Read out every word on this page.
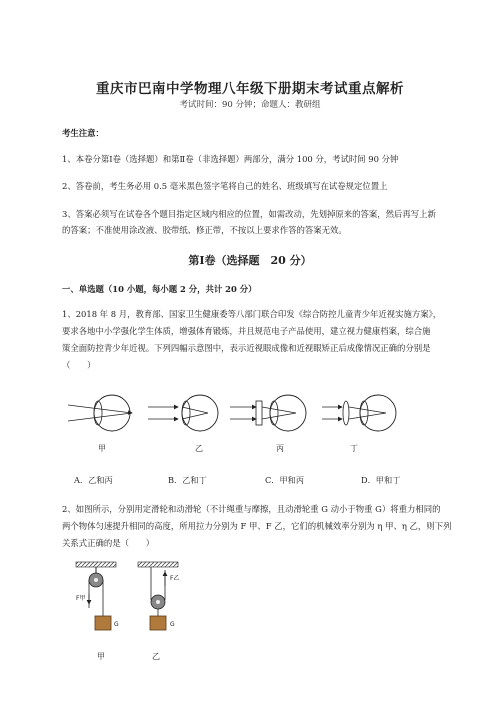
重庆市巴南中学物理八年级下册期末考试重点解析
考试时间：90 分钟；命题人：教研组
考生注意：
1、本卷分第Ⅰ卷（选择题）和第Ⅱ卷（非选择题）两部分，满分 100 分，考试时间 90 分钟
2、答卷前，考生务必用 0.5 毫米黑色签字笔将自己的姓名、班级填写在试卷规定位置上
3、答案必须写在试卷各个题目指定区域内相应的位置，如需改动，先划掉原来的答案，然后再写上新
的答案；不准使用涂改液、胶带纸、修正带，不按以上要求作答的答案无效。
第Ⅰ卷（选择题　20 分）
一、单选题（10 小题，每小题 2 分，共计 20 分）
1、2018 年 8 月，教育部、国家卫生健康委等八部门联合印发《综合防控儿童青少年近视实施方案》，
要求各地中小学强化学生体质，增强体育锻炼，并且规范电子产品使用，建立视力健康档案，综合施
策全面防控青少年近视。下列四幅示意图中，表示近视眼成像和近视眼矫正后成像情况正确的分别是
（　　）
甲	乙	丙	丁
A．乙和丙	B．乙和丁	C．甲和丙	D．甲和丁
2、如图所示，分别用定滑轮和动滑轮（不计绳重与摩擦，且动滑轮重 G 动小于物重 G）将重力相同的
两个物体匀速提升相同的高度，所用拉力分别为 F 甲、F 乙，它们的机械效率分别为 η 甲、η 乙，则下列
关系式正确的是（　　）
F甲
G
F乙
G
甲	乙
